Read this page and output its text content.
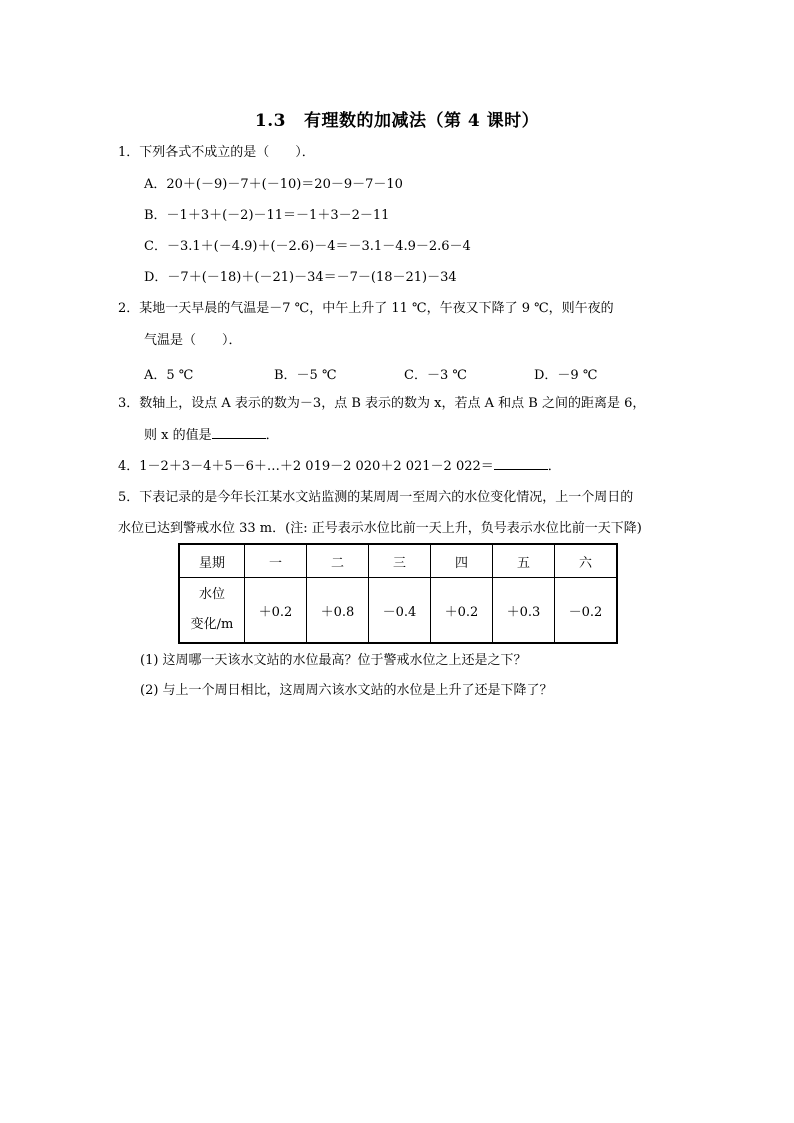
1.3 有理数的加减法（第 4 课时）
1．下列各式不成立的是（　　）．
A．20＋(－9)－7＋(－10)＝20－9－7－10
B．－1＋3＋(－2)－11＝－1＋3－2－11
C．－3.1＋(－4.9)＋(－2.6)－4＝－3.1－4.9－2.6－4
D．－7＋(－18)＋(－21)－34＝－7－(18－21)－34
2．某地一天早晨的气温是－7 ℃，中午上升了 11 ℃，午夜又下降了 9 ℃，则午夜的
气温是（　　）．
A．5 ℃	B．－5 ℃	C．－3 ℃	D．－9 ℃
3．数轴上，设点 A 表示的数为－3，点 B 表示的数为 x，若点 A 和点 B 之间的距离是 6，
则 x 的值是	．
4．1－2＋3－4＋5－6＋…＋2 019－2 020＋2 021－2 022＝	．
5．下表记录的是今年长江某水文站监测的某周周一至周六的水位变化情况，上一个周日的
水位已达到警戒水位 33 m．(注: 正号表示水位比前一天上升，负号表示水位比前一天下降)
星期	一	二	三	四	五	六

水位
变化/m	＋0.2	＋0.8	－0.4	＋0.2	＋0.3	－0.2
(1) 这周哪一天该水文站的水位最高？位于警戒水位之上还是之下？
(2) 与上一个周日相比，这周周六该水文站的水位是上升了还是下降了？
